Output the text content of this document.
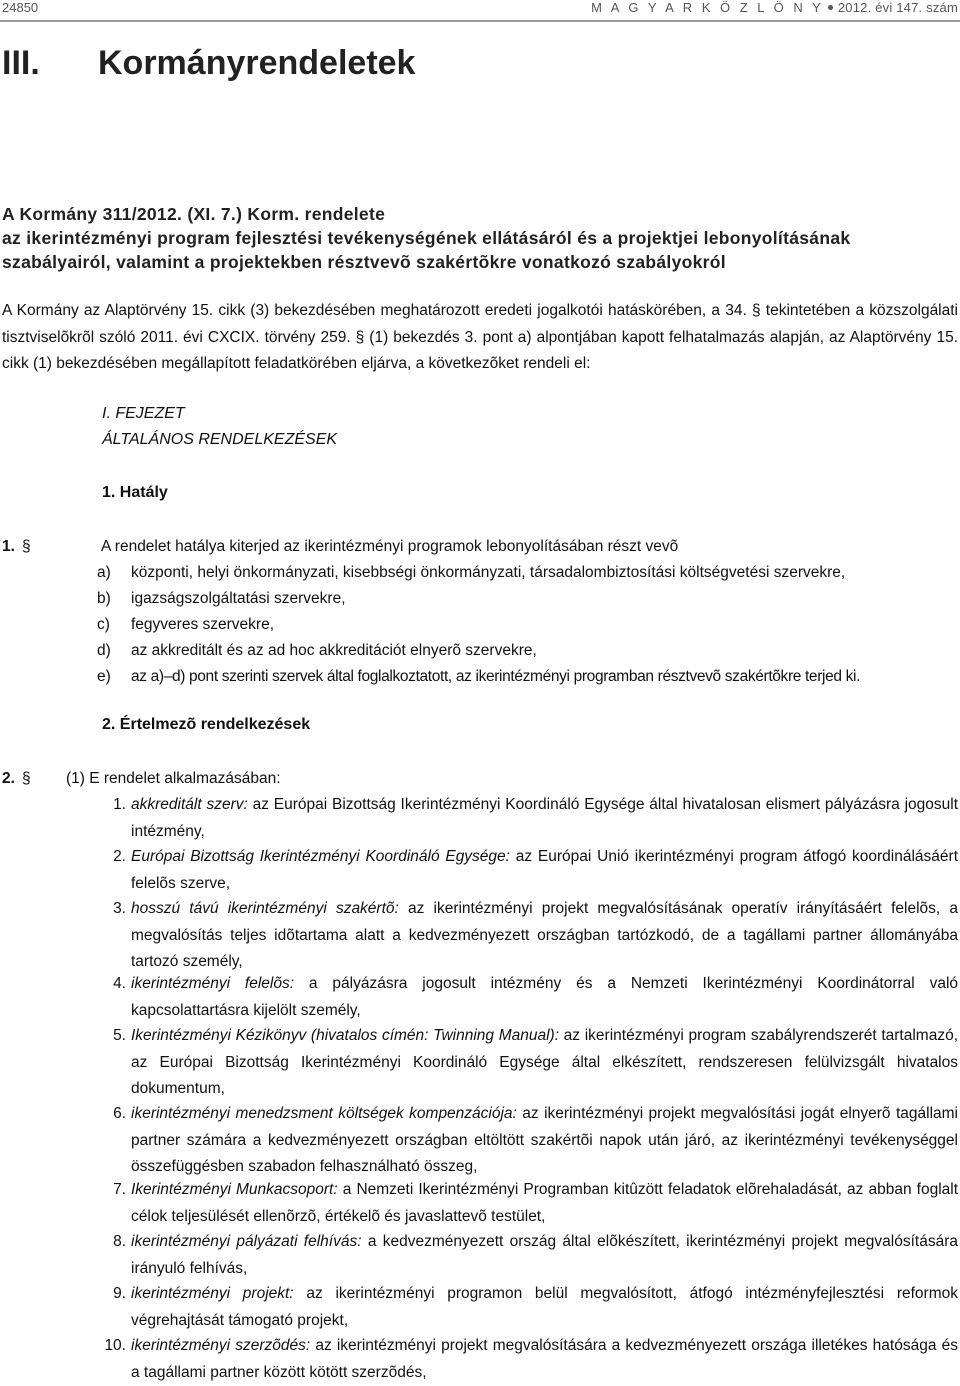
24850	M A G Y A R K Ö Z L Ö N Y 2012. évi 147. szám
III. Kormányrendeletek
A Kormány 311/2012. (XI. 7.) Korm. rendelete
az ikerintézményi program fejlesztési tevékenységének ellátásáról és a projektjei lebonyolításának
szabályairól, valamint a projektekben résztvevõ szakértõkre vonatkozó szabályokról
A Kormány az Alaptörvény 15. cikk (3) bekezdésében meghatározott eredeti jogalkotói hatáskörében, a 34. § tekintetében a közszolgálati tisztviselõkrõl szóló 2011. évi CXCIX. törvény 259. § (1) bekezdés 3. pont a) alpontjában kapott felhatalmazás alapján, az Alaptörvény 15. cikk (1) bekezdésében megállapított feladatkörében eljárva, a következõket rendeli el:
I. FEJEZET
ÁLTALÁNOS RENDELKEZÉSEK
1. Hatály
1. §	A rendelet hatálya kiterjed az ikerintézményi programok lebonyolításában részt vevõ
a)	központi, helyi önkormányzati, kisebbségi önkormányzati, társadalombiztosítási költségvetési szervekre,
b)	igazságszolgáltatási szervekre,
c)	fegyveres szervekre,
d)	az akkreditált és az ad hoc akkreditációt elnyerõ szervekre,
e)	az a)–d) pont szerinti szervek által foglalkoztatott, az ikerintézményi programban résztvevõ szakértõkre terjed ki.
2. Értelmezõ rendelkezések
2. § (1) E rendelet alkalmazásában:
1. akkreditált szerv: az Európai Bizottság Ikerintézményi Koordináló Egysége által hivatalosan elismert pályázásra jogosult intézmény,
2. Európai Bizottság Ikerintézményi Koordináló Egysége: az Európai Unió ikerintézményi program átfogó koordinálásáért felelõs szerve,
3. hosszú távú ikerintézményi szakértõ: az ikerintézményi projekt megvalósításának operatív irányításáért felelõs, a megvalósítás teljes idõtartama alatt a kedvezményezett országban tartózkodó, de a tagállami partner állományába tartozó személy,
4. ikerintézményi felelõs: a pályázásra jogosult intézmény és a Nemzeti Ikerintézményi Koordinátorral való kapcsolattartásra kijelölt személy,
5. Ikerintézményi Kézikönyv (hivatalos címén: Twinning Manual): az ikerintézményi program szabályrendszerét tartalmazó, az Európai Bizottság Ikerintézményi Koordináló Egysége által elkészített, rendszeresen felülvizsgált hivatalos dokumentum,
6. ikerintézményi menedzsment költségek kompenzációja: az ikerintézményi projekt megvalósítási jogát elnyerõ tagállami partner számára a kedvezményezett országban eltöltött szakértõi napok után járó, az ikerintézményi tevékenységgel összefüggésben szabadon felhasználható összeg,
7. Ikerintézményi Munkacsoport: a Nemzeti Ikerintézményi Programban kitûzött feladatok elõrehaladását, az abban foglalt célok teljesülését ellenõrzõ, értékelõ és javaslattevõ testület,
8. ikerintézményi pályázati felhívás: a kedvezményezett ország által elõkészített, ikerintézményi projekt megvalósítására irányuló felhívás,
9. ikerintézményi projekt: az ikerintézményi programon belül megvalósított, átfogó intézményfejlesztési reformok végrehajtását támogató projekt,
10. ikerintézményi szerzõdés: az ikerintézményi projekt megvalósítására a kedvezményezett országa illetékes hatósága és a tagállami partner között kötött szerzõdés,
